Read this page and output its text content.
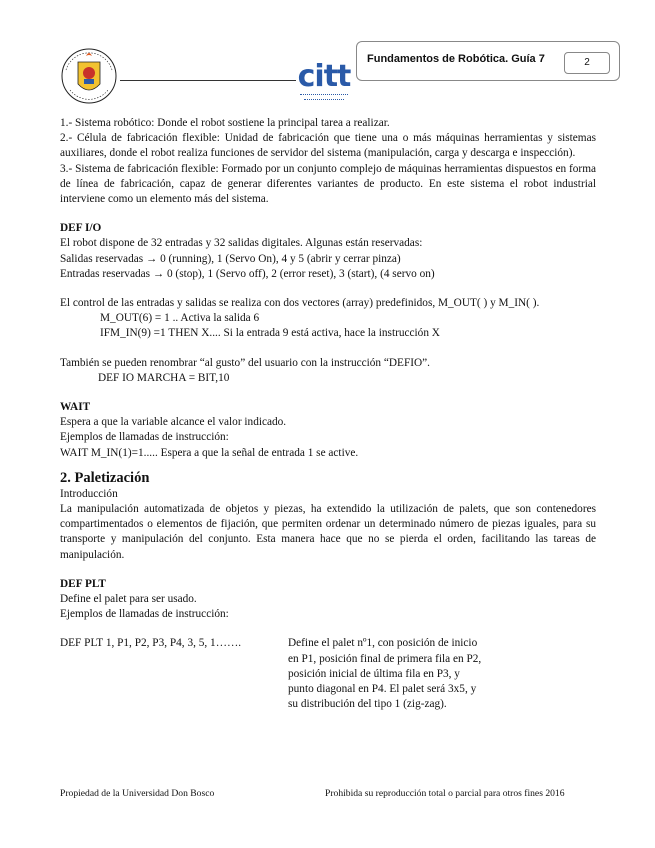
citt Fundamentos de Robótica. Guía 7	2

1.- Sistema robótico: Donde el robot sostiene la principal tarea a realizar.

2.- Célula de fabricación flexible: Unidad de fabricación que tiene una o más máquinas herramientas y sistemas auxiliares, donde el robot realiza funciones de servidor del sistema (manipulación, carga y descarga e inspección).

3.- Sistema de fabricación flexible: Formado por un conjunto complejo de máquinas herramientas dispuestos en forma de línea de fabricación, capaz de generar diferentes variantes de producto. En este sistema el robot industrial interviene como un elemento más del sistema.

DEF I/O

El robot dispone de 32 entradas y 32 salidas digitales. Algunas están reservadas:

Salidas reservadas → 0 (running), 1 (Servo On), 4 y 5 (abrir y cerrar pinza)

Entradas reservadas → 0 (stop), 1 (Servo off), 2 (error reset), 3 (start), (4 servo on)

El control de las entradas y salidas se realiza con dos vectores (array) predefinidos, M_OUT( ) y M_IN( ).

M_OUT(6) = 1 .. Activa la salida 6

IFM_IN(9) =1 THEN X.... Si la entrada 9 está activa, hace la instrucción X

También se pueden renombrar “al gusto” del usuario con la instrucción “DEFIO”.

DEF IO MARCHA = BIT,10

WAIT

Espera a que la variable alcance el valor indicado.

Ejemplos de llamadas de instrucción:

WAIT M_IN(1)=1..... Espera a que la señal de entrada 1 se active.

2. Paletización

Introducción

La manipulación automatizada de objetos y piezas, ha extendido la utilización de palets, que son contenedores compartimentados o elementos de fijación, que permiten ordenar un determinado número de piezas iguales, para su transporte y manipulación del conjunto. Esta manera hace que no se pierda el orden, facilitando las tareas de manipulación.

DEF PLT

Define el palet para ser usado.

Ejemplos de llamadas de instrucción:

DEF PLT 1, P1, P2, P3, P4, 3, 5, 1…….	Define el palet nº1, con posición de inicio
en P1, posición final de primera fila en P2,
posición inicial de última fila en P3, y
punto diagonal en P4. El palet será 3x5, y
su distribución del tipo 1 (zig-zag).
Propiedad de la Universidad Don Bosco	Prohibida su reproducción total o parcial para otros fines 2016
